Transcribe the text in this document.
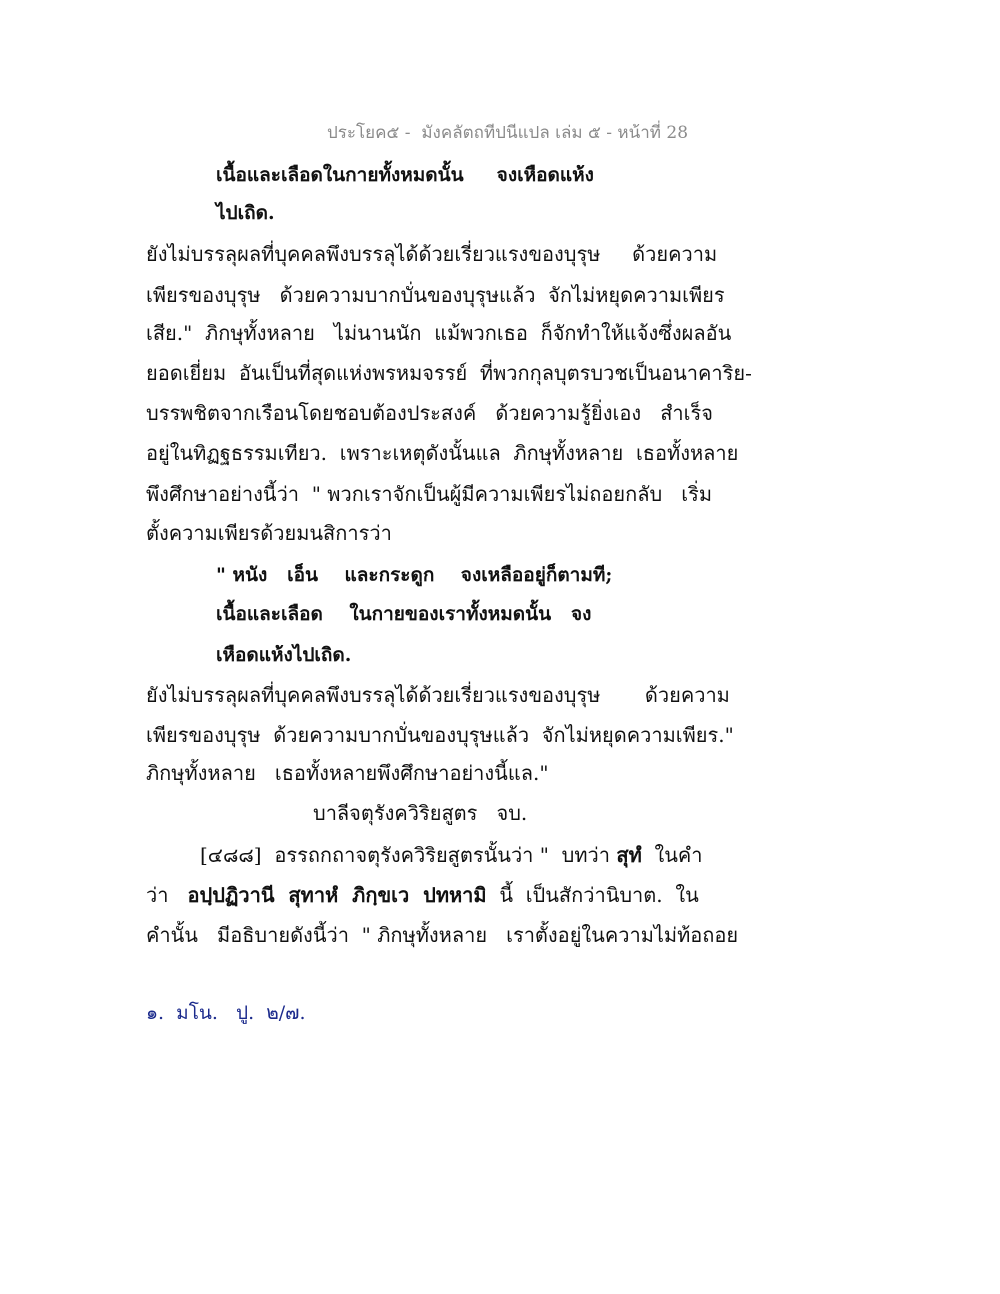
ประโยค๕ -  มังคลัตถทีปนีแปล เล่ม ๕ - หน้าที่ 28
เนื้อและเลือดในกายทั้งหมดนั้น     จงเหือดแห้ง
ไปเถิด.
ยังไม่บรรลุผลที่บุคคลพึงบรรลุได้ด้วยเรี่ยวแรงของบุรุษ     ด้วยความ
เพียรของบุรุษ   ด้วยความบากบั่นของบุรุษแล้ว  จักไม่หยุดความเพียร
เสีย."  ภิกษุทั้งหลาย   ไม่นานนัก  แม้พวกเธอ  ก็จักทำให้แจ้งซึ่งผลอัน
ยอดเยี่ยม  อันเป็นที่สุดแห่งพรหมจรรย์  ที่พวกกุลบุตรบวชเป็นอนาคาริย-
บรรพชิตจากเรือนโดยชอบต้องประสงค์   ด้วยความรู้ยิ่งเอง   สำเร็จ
อยู่ในทิฏฐธรรมเทียว.  เพราะเหตุดังนั้นแล  ภิกษุทั้งหลาย  เธอทั้งหลาย
พึงศึกษาอย่างนี้ว่า  " พวกเราจักเป็นผู้มีความเพียรไม่ถอยกลับ   เริ่ม
ตั้งความเพียรด้วยมนสิการว่า
" หนัง   เอ็น    และกระดูก    จงเหลืออยู่ก็ตามที;
เนื้อและเลือด    ในกายของเราทั้งหมดนั้น   จง
เหือดแห้งไปเถิด.
ยังไม่บรรลุผลที่บุคคลพึงบรรลุได้ด้วยเรี่ยวแรงของบุรุษ       ด้วยความ
เพียรของบุรุษ  ด้วยความบากบั่นของบุรุษแล้ว  จักไม่หยุดความเพียร."
ภิกษุทั้งหลาย   เธอทั้งหลายพึงศึกษาอย่างนี้แล."
บาลีจตุรังควิริยสูตร   จบ.
[๔๘๘]  อรรถกถาจตุรังควิริยสูตรนั้นว่า "  บทว่า สุทํ  ในคำ
ว่า   อปฺปฏิวานี  สุทาหํ  ภิกฺขเว  ปทหามิ  นี้  เป็นสักว่านิบาต.  ใน
คำนั้น   มีอธิบายดังนี้ว่า  " ภิกษุทั้งหลาย   เราตั้งอยู่ในความไม่ท้อถอย
๑.  มโน.   ปู.  ๒/๗.
